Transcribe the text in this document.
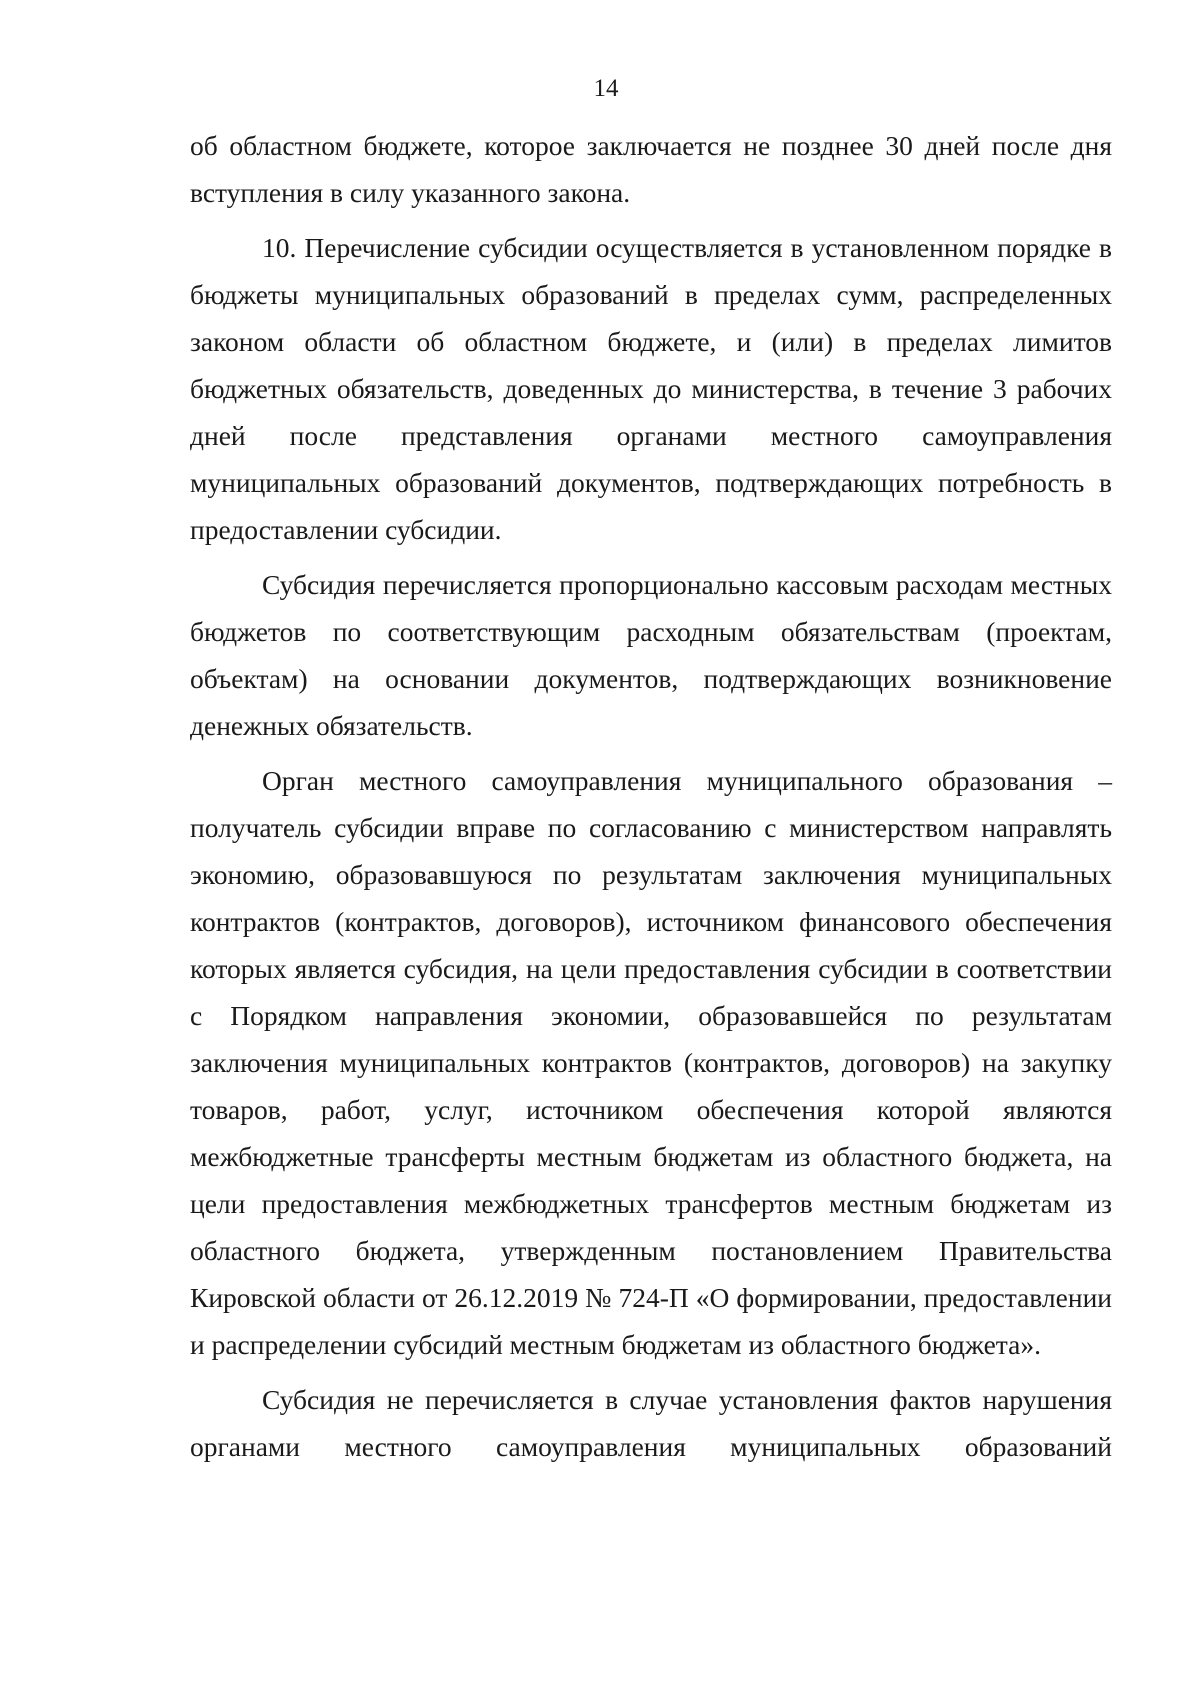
14

об областном бюджете, которое заключается не позднее 30 дней после дня вступления в силу указанного закона.

10. Перечисление субсидии осуществляется в установленном порядке в бюджеты муниципальных образований в пределах сумм, распределенных законом области об областном бюджете, и (или) в пределах лимитов бюджетных обязательств, доведенных до министерства, в течение 3 рабочих дней после представления органами местного самоуправления муниципальных образований документов, подтверждающих потребность в предоставлении субсидии.

Субсидия перечисляется пропорционально кассовым расходам местных бюджетов по соответствующим расходным обязательствам (проектам, объектам) на основании документов, подтверждающих возникновение денежных обязательств.

Орган местного самоуправления муниципального образования – получатель субсидии вправе по согласованию с министерством направлять экономию, образовавшуюся по результатам заключения муниципальных контрактов (контрактов, договоров), источником финансового обеспечения которых является субсидия, на цели предоставления субсидии в соответствии с Порядком направления экономии, образовавшейся по результатам заключения муниципальных контрактов (контрактов, договоров) на закупку товаров, работ, услуг, источником обеспечения которой являются межбюджетные трансферты местным бюджетам из областного бюджета, на цели предоставления межбюджетных трансфертов местным бюджетам из областного бюджета, утвержденным постановлением Правительства Кировской области от 26.12.2019 № 724-П «О формировании, предоставлении и распределении субсидий местным бюджетам из областного бюджета».

Субсидия не перечисляется в случае установления фактов нарушения органами местного самоуправления муниципальных образований
